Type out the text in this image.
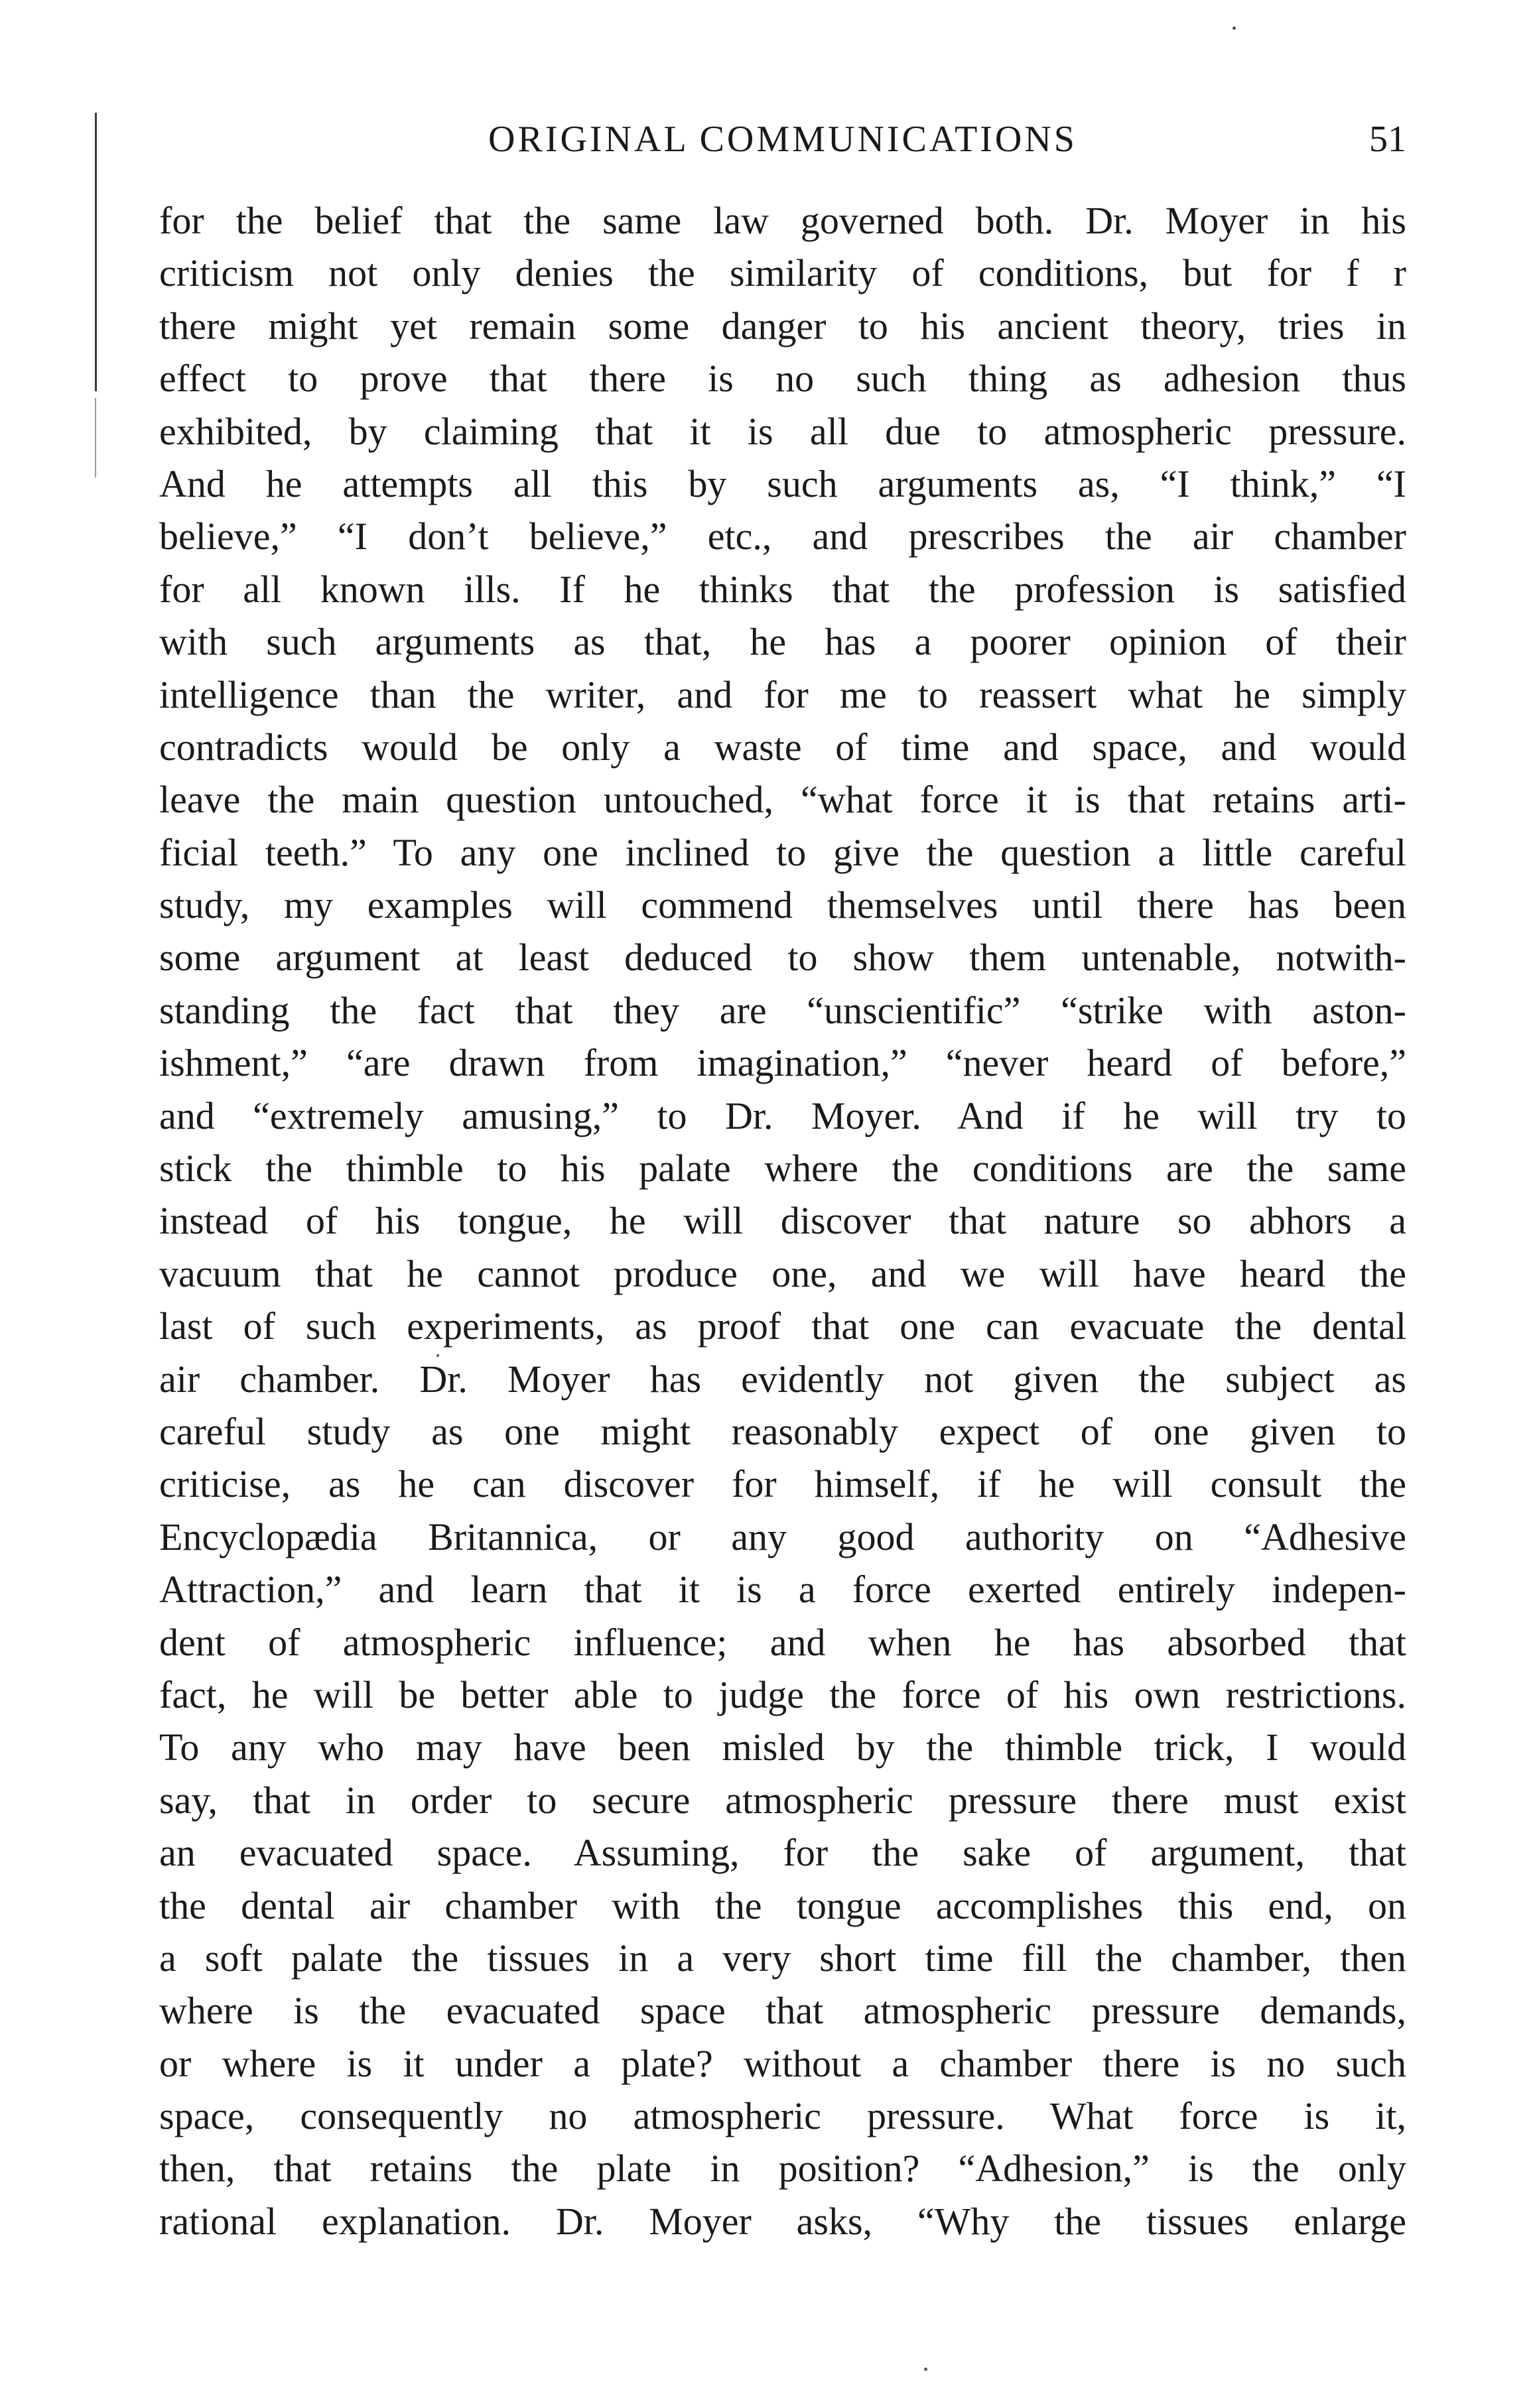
ORIGINAL COMMUNICATIONS	51
for the belief that the same law governed both. Dr. Moyer in his
criticism not only denies the similarity of conditions, but for f r
there might yet remain some danger to his ancient theory, tries in
effect to prove that there is no such thing as adhesion thus
exhibited, by claiming that it is all due to atmospheric pressure.
And he attempts all this by such arguments as, “I think,” “I
believe,” “I don’t believe,” etc., and prescribes the air chamber
for all known ills. If he thinks that the profession is satisfied
with such arguments as that, he has a poorer opinion of their
intelligence than the writer, and for me to reassert what he simply
contradicts would be only a waste of time and space, and would
leave the main question untouched, “what force it is that retains arti-
ficial teeth.” To any one inclined to give the question a little careful
study, my examples will commend themselves until there has been
some argument at least deduced to show them untenable, notwith-
standing the fact that they are “unscientific” “strike with aston-
ishment,” “are drawn from imagination,” “never heard of before,”
and “extremely amusing,” to Dr. Moyer. And if he will try to
stick the thimble to his palate where the conditions are the same
instead of his tongue, he will discover that nature so abhors a
vacuum that he cannot produce one, and we will have heard the
last of such experiments, as proof that one can evacuate the dental
air chamber. Dr. Moyer has evidently not given the subject as
careful study as one might reasonably expect of one given to
criticise, as he can discover for himself, if he will consult the
Encyclopædia Britannica, or any good authority on “Adhesive
Attraction,” and learn that it is a force exerted entirely indepen-
dent of atmospheric influence; and when he has absorbed that
fact, he will be better able to judge the force of his own restrictions.
To any who may have been misled by the thimble trick, I would
say, that in order to secure atmospheric pressure there must exist
an evacuated space. Assuming, for the sake of argument, that
the dental air chamber with the tongue accomplishes this end, on
a soft palate the tissues in a very short time fill the chamber, then
where is the evacuated space that atmospheric pressure demands,
or where is it under a plate? without a chamber there is no such
space, consequently no atmospheric pressure. What force is it,
then, that retains the plate in position? “Adhesion,” is the only
rational explanation. Dr. Moyer asks, “Why the tissues enlarge
